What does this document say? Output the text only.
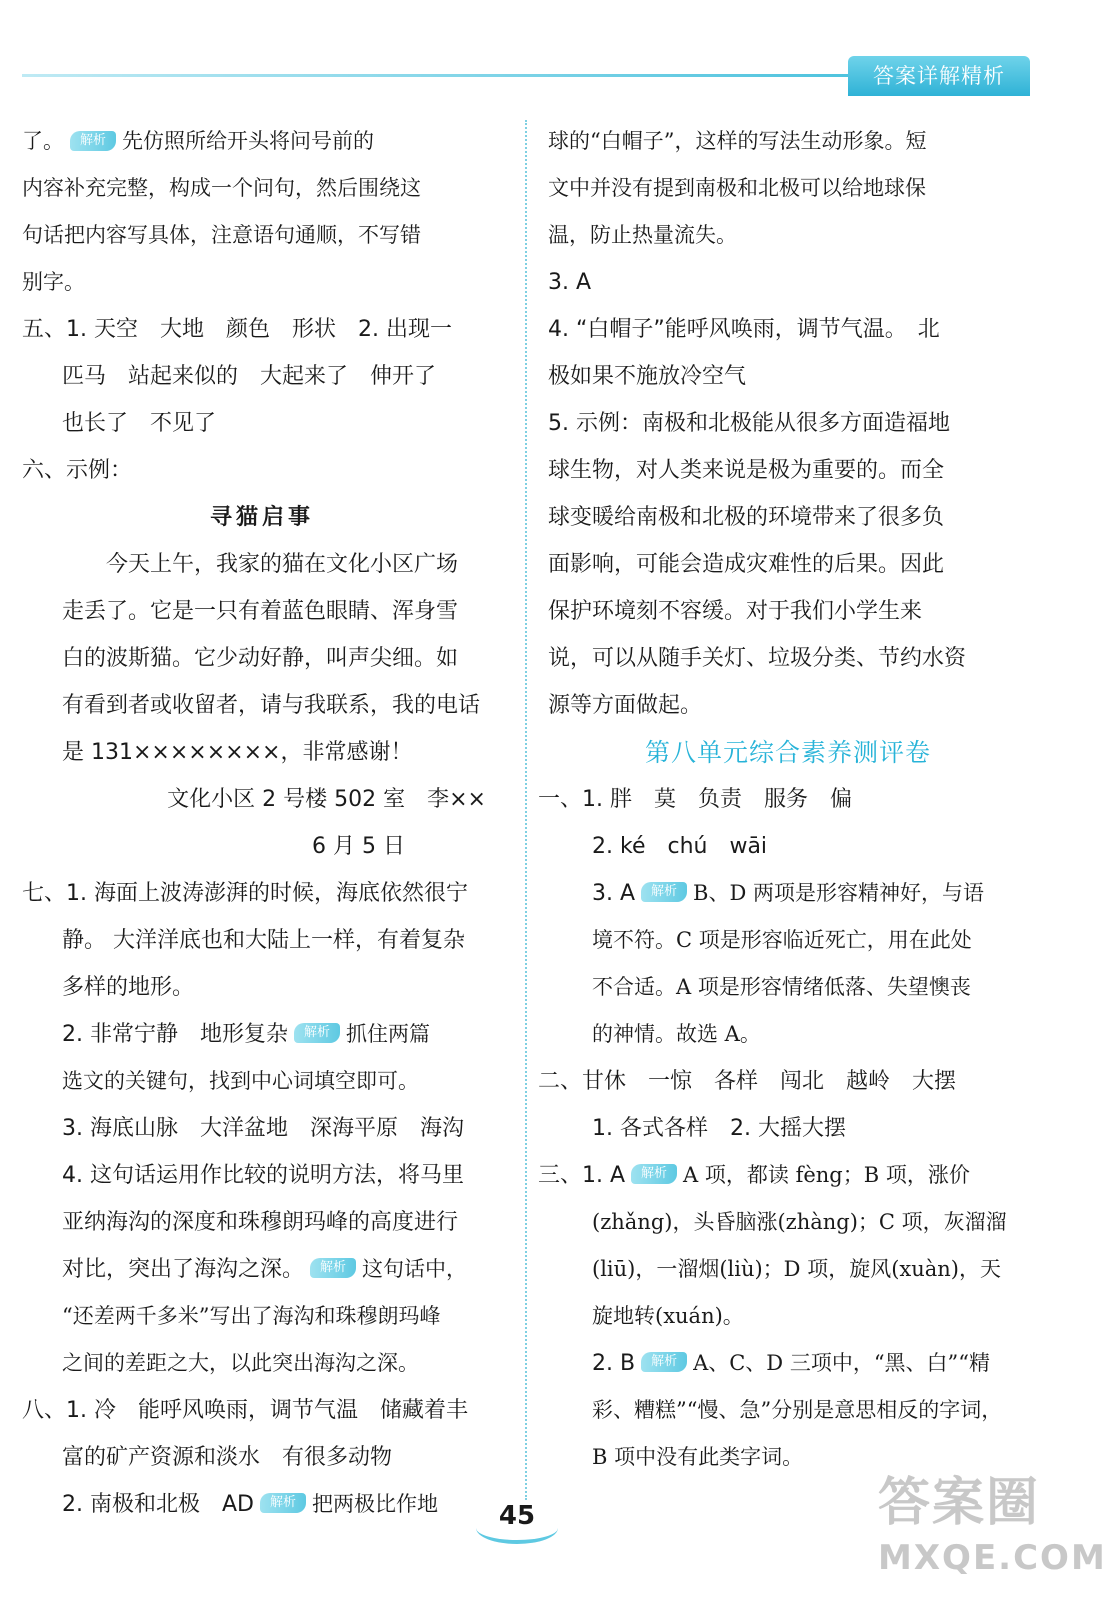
答案详解精析
了。 解析 先仿照所给开头将问号前的
内容补充完整，构成一个问句，然后围绕这
句话把内容写具体，注意语句通顺，不写错
别字。
五、1. 天空　大地　颜色　形状　2. 出现一
匹马　站起来似的　大起来了　伸开了
也长了　不见了
六、示例：
寻猫启事
今天上午，我家的猫在文化小区广场
走丢了。它是一只有着蓝色眼睛、浑身雪
白的波斯猫。它少动好静，叫声尖细。如
有看到者或收留者，请与我联系，我的电话
是 131××××××××，非常感谢！
文化小区 2 号楼 502 室　李××
6 月 5 日
七、1. 海面上波涛澎湃的时候，海底依然很宁
静。 大洋洋底也和大陆上一样，有着复杂
多样的地形。
2. 非常宁静　地形复杂 解析 抓住两篇
选文的关键句，找到中心词填空即可。
3. 海底山脉　大洋盆地　深海平原　海沟
4. 这句话运用作比较的说明方法，将马里
亚纳海沟的深度和珠穆朗玛峰的高度进行
对比，突出了海沟之深。 解析 这句话中，
“还差两千多米”写出了海沟和珠穆朗玛峰
之间的差距之大，以此突出海沟之深。
八、1. 冷　能呼风唤雨，调节气温　储藏着丰
富的矿产资源和淡水　有很多动物
2. 南极和北极　AD 解析 把两极比作地
球的“白帽子”，这样的写法生动形象。短
文中并没有提到南极和北极可以给地球保
温，防止热量流失。
3. A
4. “白帽子”能呼风唤雨，调节气温。　北
极如果不施放冷空气
5. 示例：南极和北极能从很多方面造福地
球生物，对人类来说是极为重要的。而全
球变暖给南极和北极的环境带来了很多负
面影响，可能会造成灾难性的后果。因此
保护环境刻不容缓。对于我们小学生来
说，可以从随手关灯、垃圾分类、节约水资
源等方面做起。
第八单元综合素养测评卷
一、1. 胖　莫　负责　服务　偏
2. ké　chú　wāi
3. A 解析 B、D 两项是形容精神好，与语
境不符。C 项是形容临近死亡，用在此处
不合适。A 项是形容情绪低落、失望懊丧
的神情。故选 A。
二、甘休　一惊　各样　闯北　越岭　大摆
1. 各式各样　2. 大摇大摆
三、1. A 解析 A 项，都读 fèng；B 项，涨价
(zhǎng)，头昏脑涨(zhàng)；C 项，灰溜溜
(liū)，一溜烟(liù)；D 项，旋风(xuàn)，天
旋地转(xuán)。
2. B 解析 A、C、D 三项中，“黑、白”“精
彩、糟糕”“慢、急”分别是意思相反的字词，
B 项中没有此类字词。
45	答案圈
MXQE.COM
